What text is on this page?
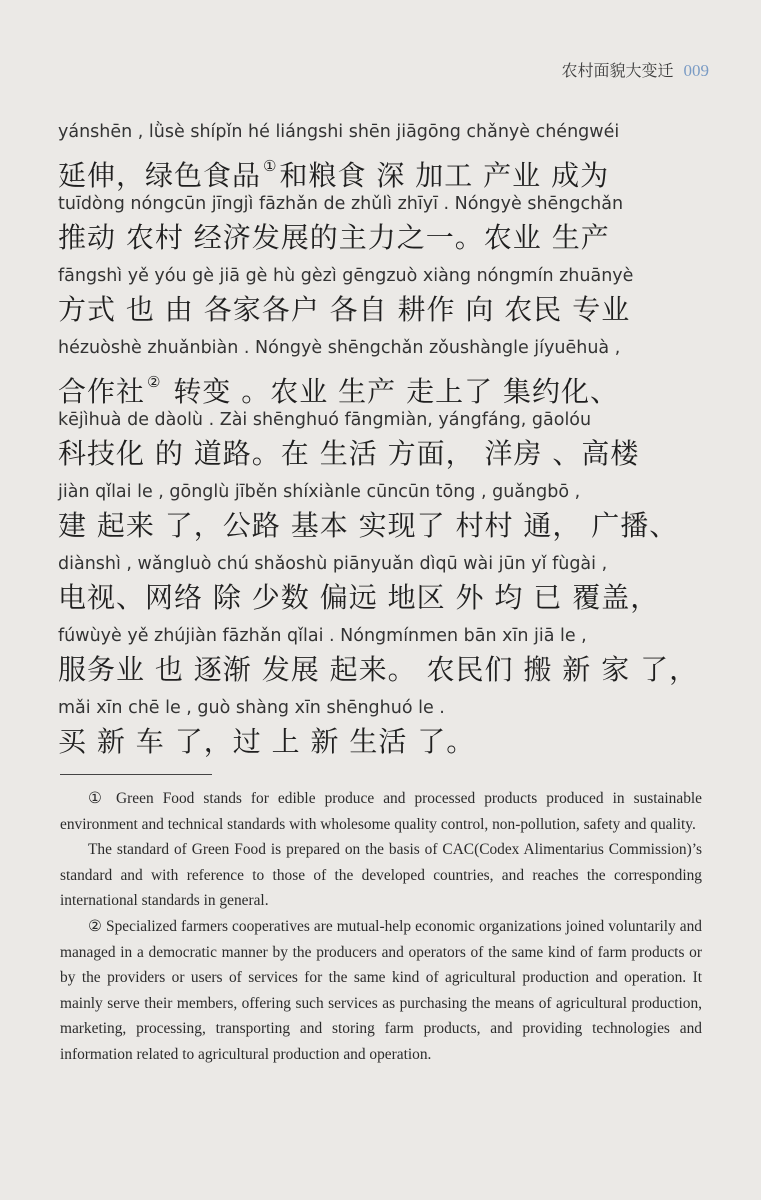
农村面貌大变迁 009
yánshēn , lǜsè shípǐn hé liángshi shēn jiāgōng chǎnyè chéngwéi
延伸，绿色食品 ①和粮食 深 加工 产业 成为
tuīdòng nóngcūn jīngjì fāzhǎn de zhǔlì zhīyī . Nóngyè shēngchǎn
推动 农村 经济发展的主力之一。农业 生产
fāngshì yě yóu gè jiā gè hù gèzì gēngzuò xiàng nóngmín zhuānyè
方式 也 由 各家各户 各自 耕作 向 农民 专业
hézuòshè zhuǎnbiàn . Nóngyè shēngchǎn zǒushàngle jíyuēhuà ,
合作社 ② 转变 。农业 生产 走上了 集约化、
kējìhuà de dàolù . Zài shēnghuó fāngmiàn, yángfáng, gāolóu
科技化 的 道路。在 生活 方面， 洋房 、高楼
jiàn qǐlai le , gōnglù jīběn shíxiànle cūncūn tōng , guǎngbō ,
建 起来 了，公路 基本 实现了 村村 通， 广播、
diànshì , wǎngluò chú shǎoshù piānyuǎn dìqū wài jūn yǐ fùgài ,
电视、网络 除 少数 偏远 地区 外 均 已 覆盖，
fúwùyè yě zhújiàn fāzhǎn qǐlai . Nóngmínmen bān xīn jiā le ,
服务业 也 逐渐 发展 起来。 农民们 搬 新 家 了，
mǎi xīn chē le , guò shàng xīn shēnghuó le .
买 新 车 了，过 上 新 生活 了。

① Green Food stands for edible produce and processed products produced in sustainable environment and technical standards with wholesome quality control, non-pollution, safety and quality.

The standard of Green Food is prepared on the basis of CAC(Codex Alimentarius Commission)’s standard and with reference to those of the developed countries, and reaches the corresponding international standards in general.

② Specialized farmers cooperatives are mutual-help economic organizations joined voluntarily and managed in a democratic manner by the producers and operators of the same kind of farm products or by the providers or users of services for the same kind of agricultural production and operation. It mainly serve their members, offering such services as purchasing the means of agricultural production, marketing, processing, transporting and storing farm products, and providing technologies and information related to agricultural production and operation.
